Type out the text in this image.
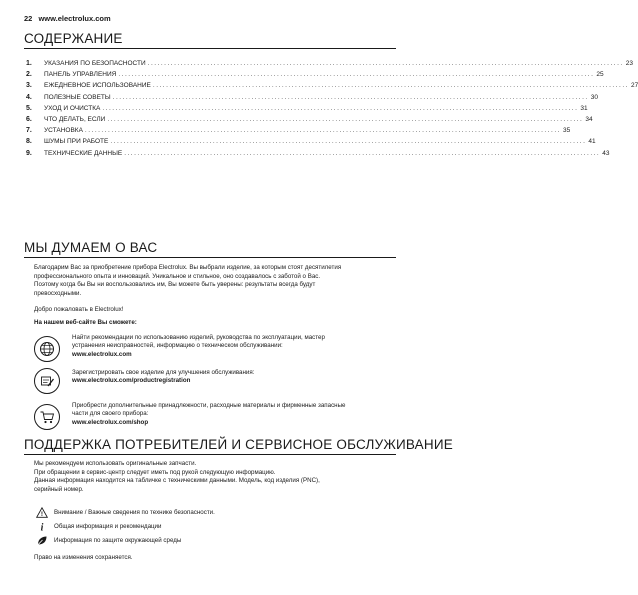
22 www.electrolux.com
СОДЕРЖАНИЕ
1. УКАЗАНИЯ ПО БЕЗОПАСНОСТИ ................................................................................................................................................ 23
2. ПАНЕЛЬ УПРАВЛЕНИЯ ................................................................................................................................................ 25
3. ЕЖЕДНЕВНОЕ ИСПОЛЬЗОВАНИЕ ................................................................................................................................................ 27
4. ПОЛЕЗНЫЕ СОВЕТЫ ................................................................................................................................................ 30
5. УХОД И ОЧИСТКА ................................................................................................................................................ 31
6. ЧТО ДЕЛАТЬ, ЕСЛИ ................................................................................................................................................ 34
7. УСТАНОВКА ................................................................................................................................................ 35
8. ШУМЫ ПРИ РАБОТЕ ................................................................................................................................................ 41
9. ТЕХНИЧЕСКИЕ ДАННЫЕ ................................................................................................................................................ 43
МЫ ДУМАЕМ О ВАС

Благодарим Вас за приобретение прибора Electrolux. Вы выбрали изделие, за которым стоят десятилетия

профессионального опыта и инноваций. Уникальное и стильное, оно создавалось с заботой о Вас.

Поэтому когда бы Вы ни воспользовались им, Вы можете быть уверены: результаты всегда будут

превосходными.

Добро пожаловать в Electrolux!
На нашем веб-сайте Вы сможете:
Найти рекомендации по использованию изделий, руководства по эксплуатации, мастер
устранения неисправностей, информацию о техническом обслуживании:
www.electrolux.com
Зарегистрировать свое изделие для улучшения обслуживания:
www.electrolux.com/productregistration
Приобрести дополнительные принадлежности, расходные материалы и фирменные запасные
части для своего прибора:
www.electrolux.com/shop
ПОДДЕРЖКА ПОТРЕБИТЕЛЕЙ И СЕРВИСНОЕ ОБСЛУЖИВАНИЕ

Мы рекомендуем использовать оригинальные запчасти.

При обращении в сервис-центр следует иметь под рукой следующую информацию.

Данная информация находится на табличке с техническими данными. Модель, код изделия (PNC),

серийный номер.

! Внимание / Важные сведения по технике безопасности.
i Общая информация и рекомендации
Информация по защите окружающей среды
Право на изменения сохраняется.
